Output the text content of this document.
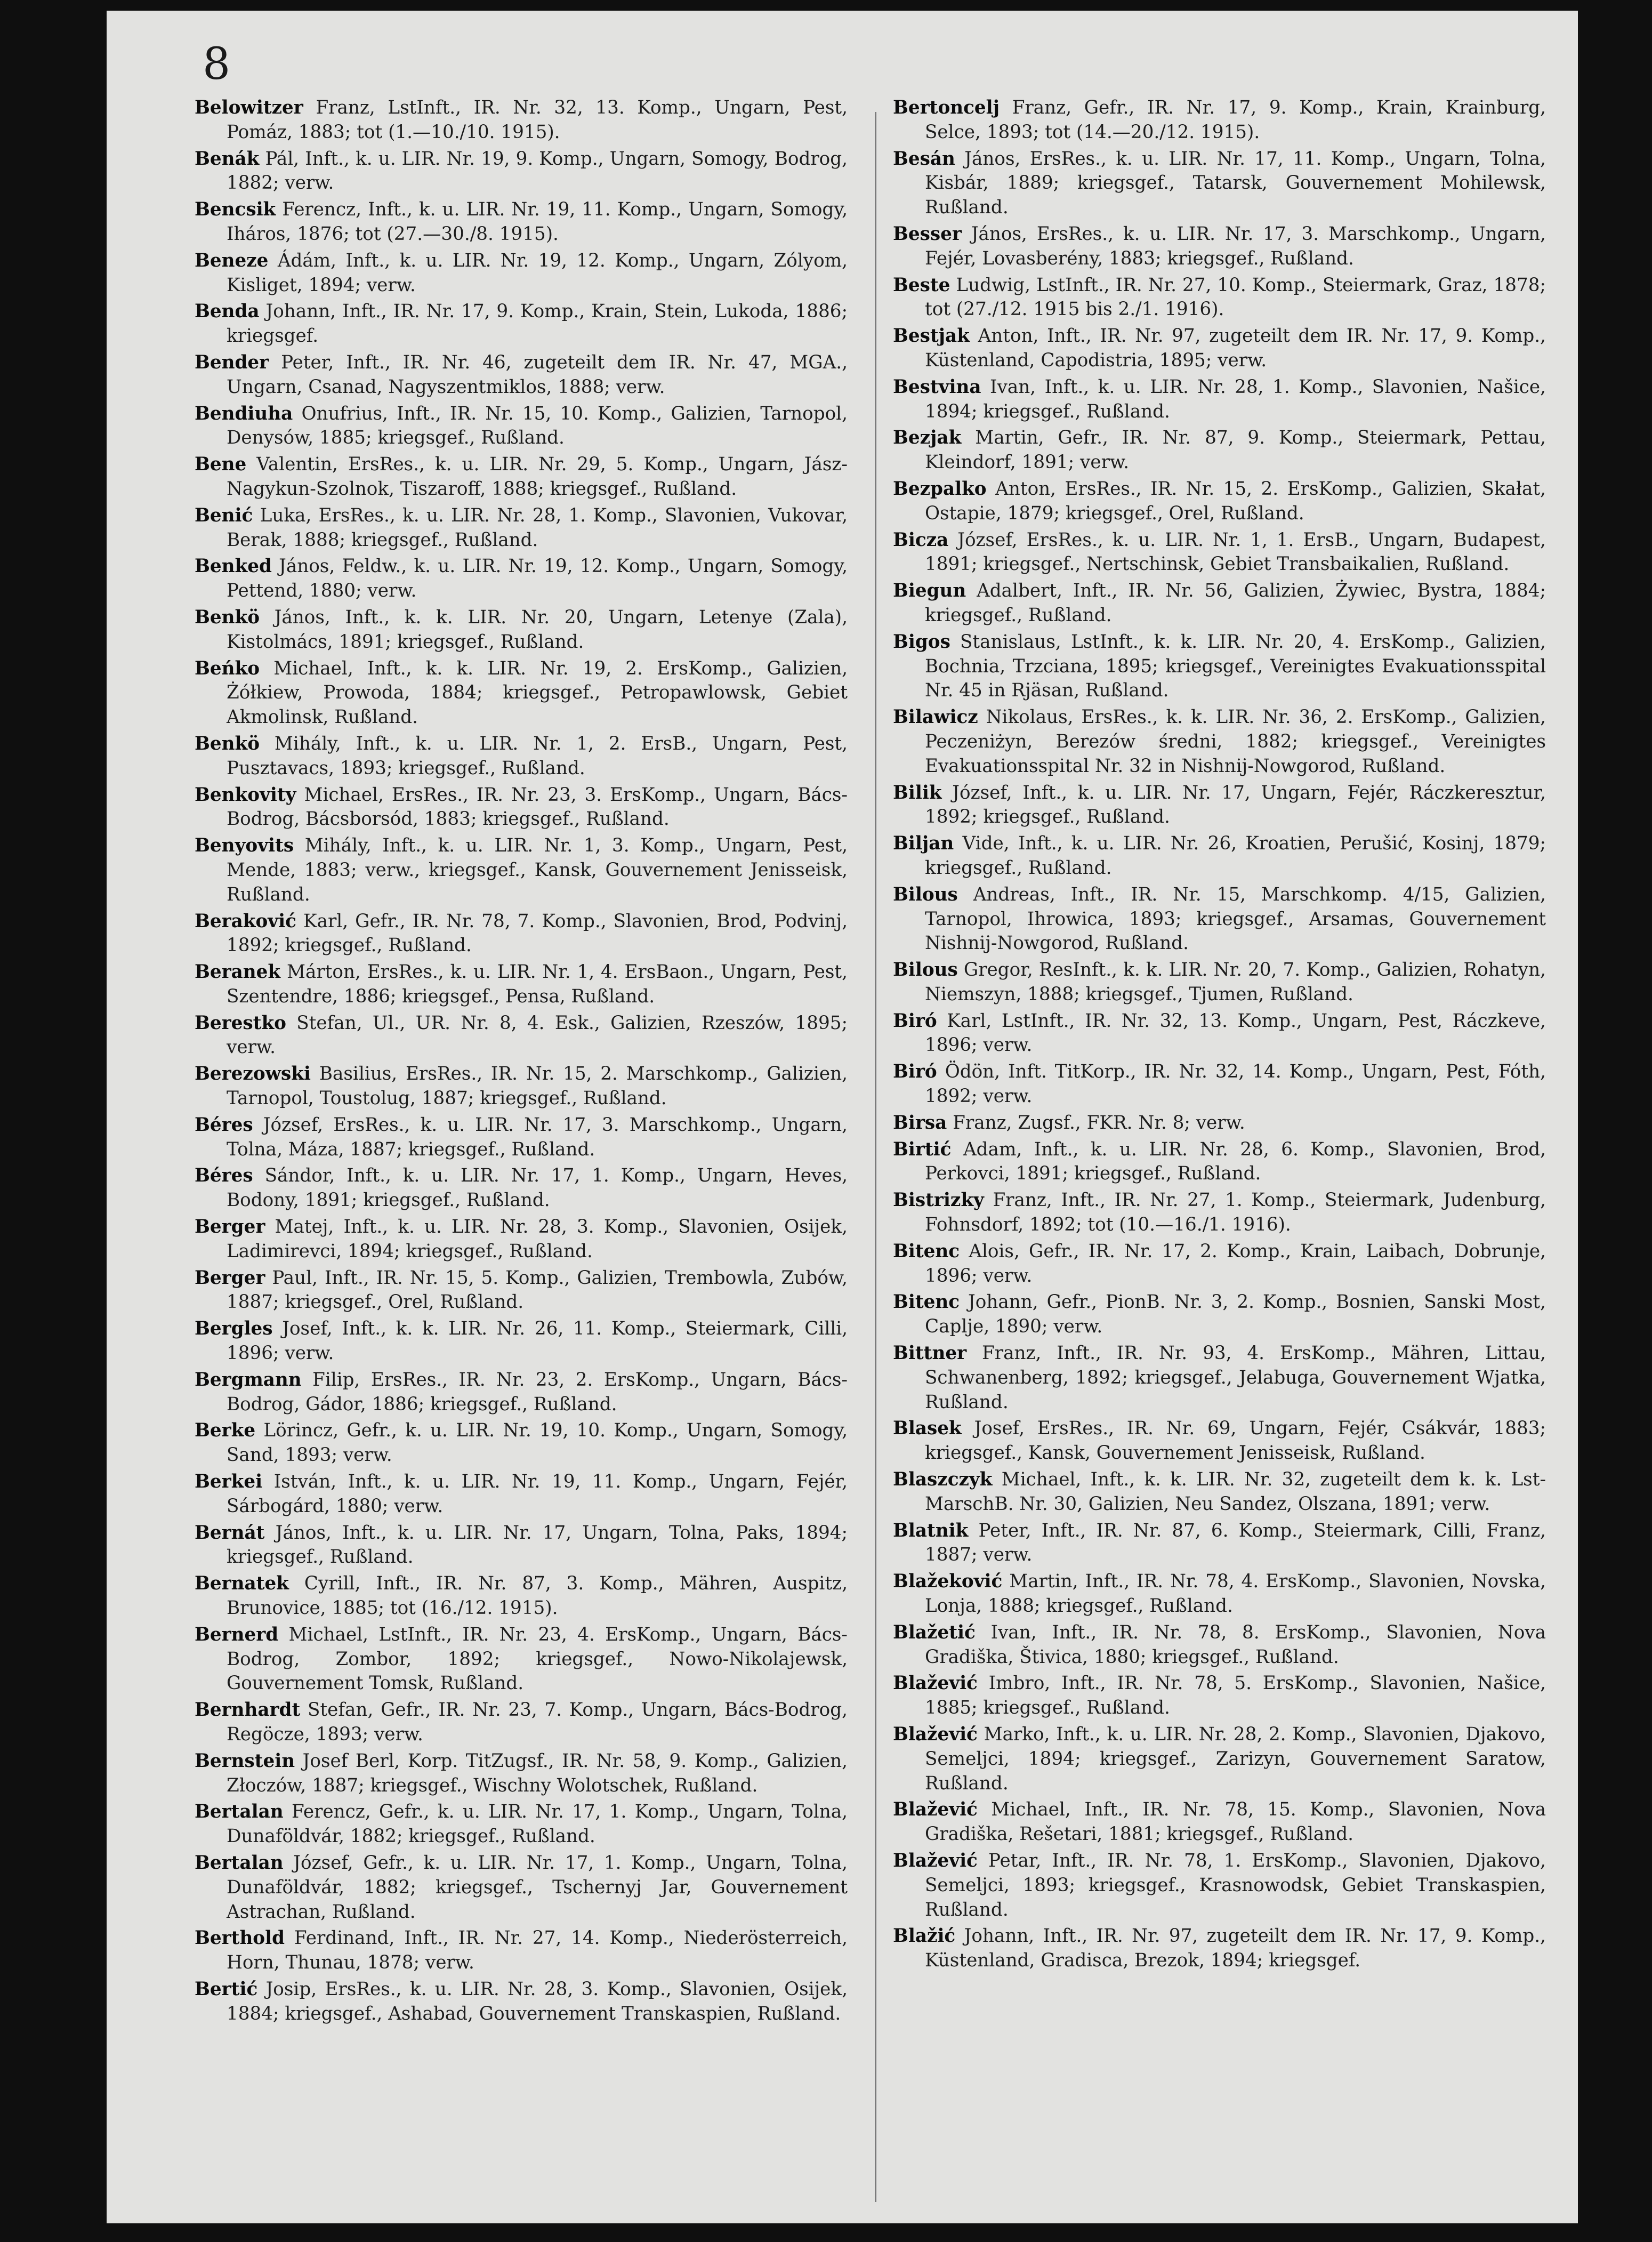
8

Belowitzer Franz, LstInft., IR. Nr. 32, 13. Komp., Ungarn, Pest, Pomáz, 1883; tot (1.—10./10. 1915).

Benák Pál, Inft., k. u. LIR. Nr. 19, 9. Komp., Ungarn, Somogy, Bodrog, 1882; verw.

Bencsik Ferencz, Inft., k. u. LIR. Nr. 19, 11. Komp., Ungarn, Somogy, Iháros, 1876; tot (27.—30./8. 1915).

Beneze Ádám, Inft., k. u. LIR. Nr. 19, 12. Komp., Ungarn, Zólyom, Kisliget, 1894; verw.

Benda Johann, Inft., IR. Nr. 17, 9. Komp., Krain, Stein, Lukoda, 1886; kriegsgef.

Bender Peter, Inft., IR. Nr. 46, zugeteilt dem IR. Nr. 47, MGA., Ungarn, Csanad, Nagyszentmiklos, 1888; verw.

Bendiuha Onufrius, Inft., IR. Nr. 15, 10. Komp., Galizien, Tarnopol, Denysów, 1885; kriegsgef., Rußland.

Bene Valentin, ErsRes., k. u. LIR. Nr. 29, 5. Komp., Ungarn, Jász-Nagykun-Szolnok, Tiszaroff, 1888; kriegsgef., Rußland.

Benić Luka, ErsRes., k. u. LIR. Nr. 28, 1. Komp., Slavonien, Vukovar, Berak, 1888; kriegsgef., Rußland.

Benked János, Feldw., k. u. LIR. Nr. 19, 12. Komp., Ungarn, Somogy, Pettend, 1880; verw.

Benkö János, Inft., k. k. LIR. Nr. 20, Ungarn, Letenye (Zala), Kistolmács, 1891; kriegsgef., Rußland.

Beńko Michael, Inft., k. k. LIR. Nr. 19, 2. ErsKomp., Galizien, Żółkiew, Prowoda, 1884; kriegsgef., Petropawlowsk, Gebiet Akmolinsk, Rußland.

Benkö Mihály, Inft., k. u. LIR. Nr. 1, 2. ErsB., Ungarn, Pest, Pusztavacs, 1893; kriegsgef., Rußland.

Benkovity Michael, ErsRes., IR. Nr. 23, 3. ErsKomp., Ungarn, Bács-Bodrog, Bácsborsód, 1883; kriegsgef., Rußland.

Benyovits Mihály, Inft., k. u. LIR. Nr. 1, 3. Komp., Ungarn, Pest, Mende, 1883; verw., kriegsgef., Kansk, Gouvernement Jenisseisk, Rußland.

Beraković Karl, Gefr., IR. Nr. 78, 7. Komp., Slavonien, Brod, Podvinj, 1892; kriegsgef., Rußland.

Beranek Márton, ErsRes., k. u. LIR. Nr. 1, 4. ErsBaon., Ungarn, Pest, Szentendre, 1886; kriegsgef., Pensa, Rußland.

Berestko Stefan, Ul., UR. Nr. 8, 4. Esk., Galizien, Rzeszów, 1895; verw.

Berezowski Basilius, ErsRes., IR. Nr. 15, 2. Marschkomp., Galizien, Tarnopol, Toustolug, 1887; kriegsgef., Rußland.

Béres József, ErsRes., k. u. LIR. Nr. 17, 3. Marschkomp., Ungarn, Tolna, Máza, 1887; kriegsgef., Rußland.

Béres Sándor, Inft., k. u. LIR. Nr. 17, 1. Komp., Ungarn, Heves, Bodony, 1891; kriegsgef., Rußland.

Berger Matej, Inft., k. u. LIR. Nr. 28, 3. Komp., Slavonien, Osijek, Ladimirevci, 1894; kriegsgef., Rußland.

Berger Paul, Inft., IR. Nr. 15, 5. Komp., Galizien, Trembowla, Zubów, 1887; kriegsgef., Orel, Rußland.

Bergles Josef, Inft., k. k. LIR. Nr. 26, 11. Komp., Steiermark, Cilli, 1896; verw.

Bergmann Filip, ErsRes., IR. Nr. 23, 2. ErsKomp., Ungarn, Bács-Bodrog, Gádor, 1886; kriegsgef., Rußland.

Berke Lörincz, Gefr., k. u. LIR. Nr. 19, 10. Komp., Ungarn, Somogy, Sand, 1893; verw.

Berkei István, Inft., k. u. LIR. Nr. 19, 11. Komp., Ungarn, Fejér, Sárbogárd, 1880; verw.

Bernát János, Inft., k. u. LIR. Nr. 17, Ungarn, Tolna, Paks, 1894; kriegsgef., Rußland.

Bernatek Cyrill, Inft., IR. Nr. 87, 3. Komp., Mähren, Auspitz, Brunovice, 1885; tot (16./12. 1915).

Bernerd Michael, LstInft., IR. Nr. 23, 4. ErsKomp., Ungarn, Bács-Bodrog, Zombor, 1892; kriegsgef., Nowo-Nikolajewsk, Gouvernement Tomsk, Rußland.

Bernhardt Stefan, Gefr., IR. Nr. 23, 7. Komp., Ungarn, Bács-Bodrog, Regöcze, 1893; verw.

Bernstein Josef Berl, Korp. TitZugsf., IR. Nr. 58, 9. Komp., Galizien, Złoczów, 1887; kriegsgef., Wischny Wolotschek, Rußland.

Bertalan Ferencz, Gefr., k. u. LIR. Nr. 17, 1. Komp., Ungarn, Tolna, Dunaföldvár, 1882; kriegsgef., Rußland.

Bertalan József, Gefr., k. u. LIR. Nr. 17, 1. Komp., Ungarn, Tolna, Dunaföldvár, 1882; kriegsgef., Tschernyj Jar, Gouvernement Astrachan, Rußland.

Berthold Ferdinand, Inft., IR. Nr. 27, 14. Komp., Niederösterreich, Horn, Thunau, 1878; verw.

Bertić Josip, ErsRes., k. u. LIR. Nr. 28, 3. Komp., Slavonien, Osijek, 1884; kriegsgef., Ashabad, Gouvernement Transkaspien, Rußland.

Bertoncelj Franz, Gefr., IR. Nr. 17, 9. Komp., Krain, Krainburg, Selce, 1893; tot (14.—20./12. 1915).

Besán János, ErsRes., k. u. LIR. Nr. 17, 11. Komp., Ungarn, Tolna, Kisbár, 1889; kriegsgef., Tatarsk, Gouvernement Mohilewsk, Rußland.

Besser János, ErsRes., k. u. LIR. Nr. 17, 3. Marschkomp., Ungarn, Fejér, Lovasberény, 1883; kriegsgef., Rußland.

Beste Ludwig, LstInft., IR. Nr. 27, 10. Komp., Steiermark, Graz, 1878; tot (27./12. 1915 bis 2./1. 1916).

Bestjak Anton, Inft., IR. Nr. 97, zugeteilt dem IR. Nr. 17, 9. Komp., Küstenland, Capodistria, 1895; verw.

Bestvina Ivan, Inft., k. u. LIR. Nr. 28, 1. Komp., Slavonien, Našice, 1894; kriegsgef., Rußland.

Bezjak Martin, Gefr., IR. Nr. 87, 9. Komp., Steiermark, Pettau, Kleindorf, 1891; verw.

Bezpalko Anton, ErsRes., IR. Nr. 15, 2. ErsKomp., Galizien, Skałat, Ostapie, 1879; kriegsgef., Orel, Rußland.

Bicza József, ErsRes., k. u. LIR. Nr. 1, 1. ErsB., Ungarn, Budapest, 1891; kriegsgef., Nertschinsk, Gebiet Transbaikalien, Rußland.

Biegun Adalbert, Inft., IR. Nr. 56, Galizien, Żywiec, Bystra, 1884; kriegsgef., Rußland.

Bigos Stanislaus, LstInft., k. k. LIR. Nr. 20, 4. ErsKomp., Galizien, Bochnia, Trzciana, 1895; kriegsgef., Vereinigtes Evakuationsspital Nr. 45 in Rjäsan, Rußland.

Bilawicz Nikolaus, ErsRes., k. k. LIR. Nr. 36, 2. ErsKomp., Galizien, Peczeniżyn, Berezów średni, 1882; kriegsgef., Vereinigtes Evakuationsspital Nr. 32 in Nishnij-Nowgorod, Rußland.

Bilik József, Inft., k. u. LIR. Nr. 17, Ungarn, Fejér, Ráczkeresztur, 1892; kriegsgef., Rußland.

Biljan Vide, Inft., k. u. LIR. Nr. 26, Kroatien, Perušić, Kosinj, 1879; kriegsgef., Rußland.

Bilous Andreas, Inft., IR. Nr. 15, Marschkomp. 4/15, Galizien, Tarnopol, Ihrowica, 1893; kriegsgef., Arsamas, Gouvernement Nishnij-Nowgorod, Rußland.

Bilous Gregor, ResInft., k. k. LIR. Nr. 20, 7. Komp., Galizien, Rohatyn, Niemszyn, 1888; kriegsgef., Tjumen, Rußland.

Biró Karl, LstInft., IR. Nr. 32, 13. Komp., Ungarn, Pest, Ráczkeve, 1896; verw.

Biró Ödön, Inft. TitKorp., IR. Nr. 32, 14. Komp., Ungarn, Pest, Fóth, 1892; verw.

Birsa Franz, Zugsf., FKR. Nr. 8; verw.

Birtić Adam, Inft., k. u. LIR. Nr. 28, 6. Komp., Slavonien, Brod, Perkovci, 1891; kriegsgef., Rußland.

Bistrizky Franz, Inft., IR. Nr. 27, 1. Komp., Steiermark, Judenburg, Fohnsdorf, 1892; tot (10.—16./1. 1916).

Bitenc Alois, Gefr., IR. Nr. 17, 2. Komp., Krain, Laibach, Dobrunje, 1896; verw.

Bitenc Johann, Gefr., PionB. Nr. 3, 2. Komp., Bosnien, Sanski Most, Caplje, 1890; verw.

Bittner Franz, Inft., IR. Nr. 93, 4. ErsKomp., Mähren, Littau, Schwanenberg, 1892; kriegsgef., Jelabuga, Gouvernement Wjatka, Rußland.

Blasek Josef, ErsRes., IR. Nr. 69, Ungarn, Fejér, Csákvár, 1883; kriegsgef., Kansk, Gouvernement Jenisseisk, Rußland.

Blaszczyk Michael, Inft., k. k. LIR. Nr. 32, zugeteilt dem k. k. Lst-MarschB. Nr. 30, Galizien, Neu Sandez, Olszana, 1891; verw.

Blatnik Peter, Inft., IR. Nr. 87, 6. Komp., Steiermark, Cilli, Franz, 1887; verw.

Blažeković Martin, Inft., IR. Nr. 78, 4. ErsKomp., Slavonien, Novska, Lonja, 1888; kriegsgef., Rußland.

Blažetić Ivan, Inft., IR. Nr. 78, 8. ErsKomp., Slavonien, Nova Gradiška, Štivica, 1880; kriegsgef., Rußland.

Blažević Imbro, Inft., IR. Nr. 78, 5. ErsKomp., Slavonien, Našice, 1885; kriegsgef., Rußland.

Blažević Marko, Inft., k. u. LIR. Nr. 28, 2. Komp., Slavonien, Djakovo, Semeljci, 1894; kriegsgef., Zarizyn, Gouvernement Saratow, Rußland.

Blažević Michael, Inft., IR. Nr. 78, 15. Komp., Slavonien, Nova Gradiška, Rešetari, 1881; kriegsgef., Rußland.

Blažević Petar, Inft., IR. Nr. 78, 1. ErsKomp., Slavonien, Djakovo, Semeljci, 1893; kriegsgef., Krasnowodsk, Gebiet Transkaspien, Rußland.

Blažić Johann, Inft., IR. Nr. 97, zugeteilt dem IR. Nr. 17, 9. Komp., Küstenland, Gradisca, Brezok, 1894; kriegsgef.
